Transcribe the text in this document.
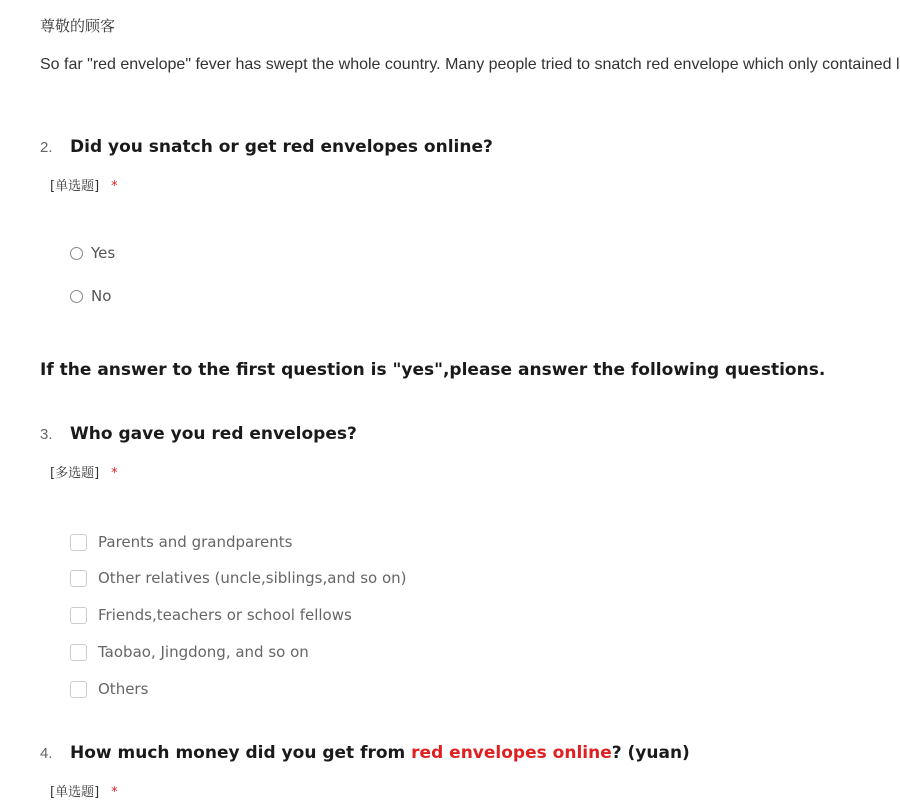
尊敬的顾客
So far "red envelope" fever has swept the whole country. Many people tried to snatch red envelope which only contained l
2. Did you snatch or get red envelopes online?
[单选题] *
Yes
No
If the answer to the first question is "yes",please answer the following questions.
3. Who gave you red envelopes?
[多选题] *
Parents and grandparents
Other relatives (uncle,siblings,and so on)
Friends,teachers or school fellows
Taobao, Jingdong, and so on
Others
4. How much money did you get from red envelopes online? (yuan)
[单选题] *
